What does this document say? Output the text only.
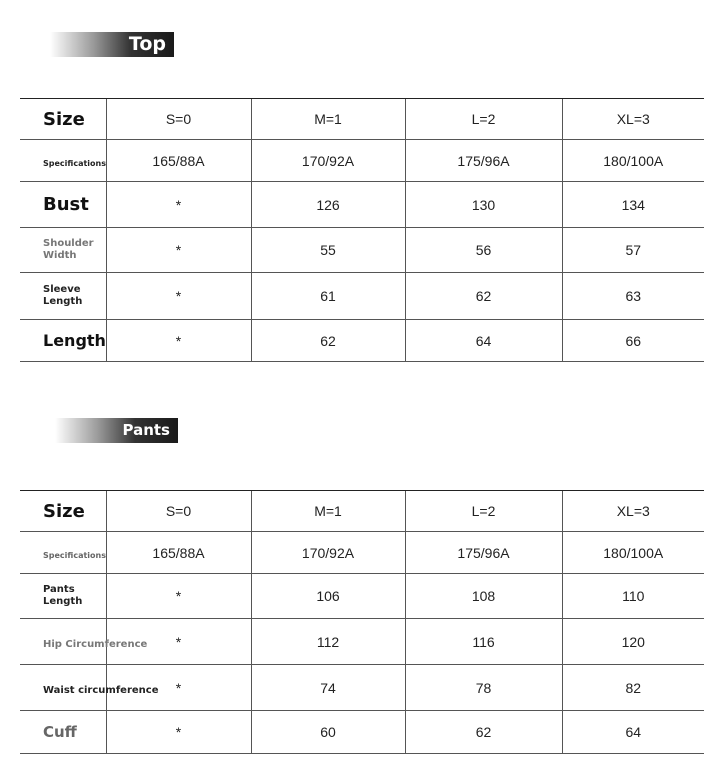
Top
Size	S=0	M=1	L=2	XL=3
Specifications	165/88A	170/92A	175/96A	180/100A
Bust	*	126	130	134

Shoulder Width	*	55	56	57

Sleeve Length	*	61	62	63
Length	*	62	64	66
Pants
Size	S=0	M=1	L=2	XL=3
Specifications	165/88A	170/92A	175/96A	180/100A

Pants Length	*	106	108	110
Hip Circumference	*	112	116	120
Waist circumference	*	74	78	82
Cuff	*	60	62	64
